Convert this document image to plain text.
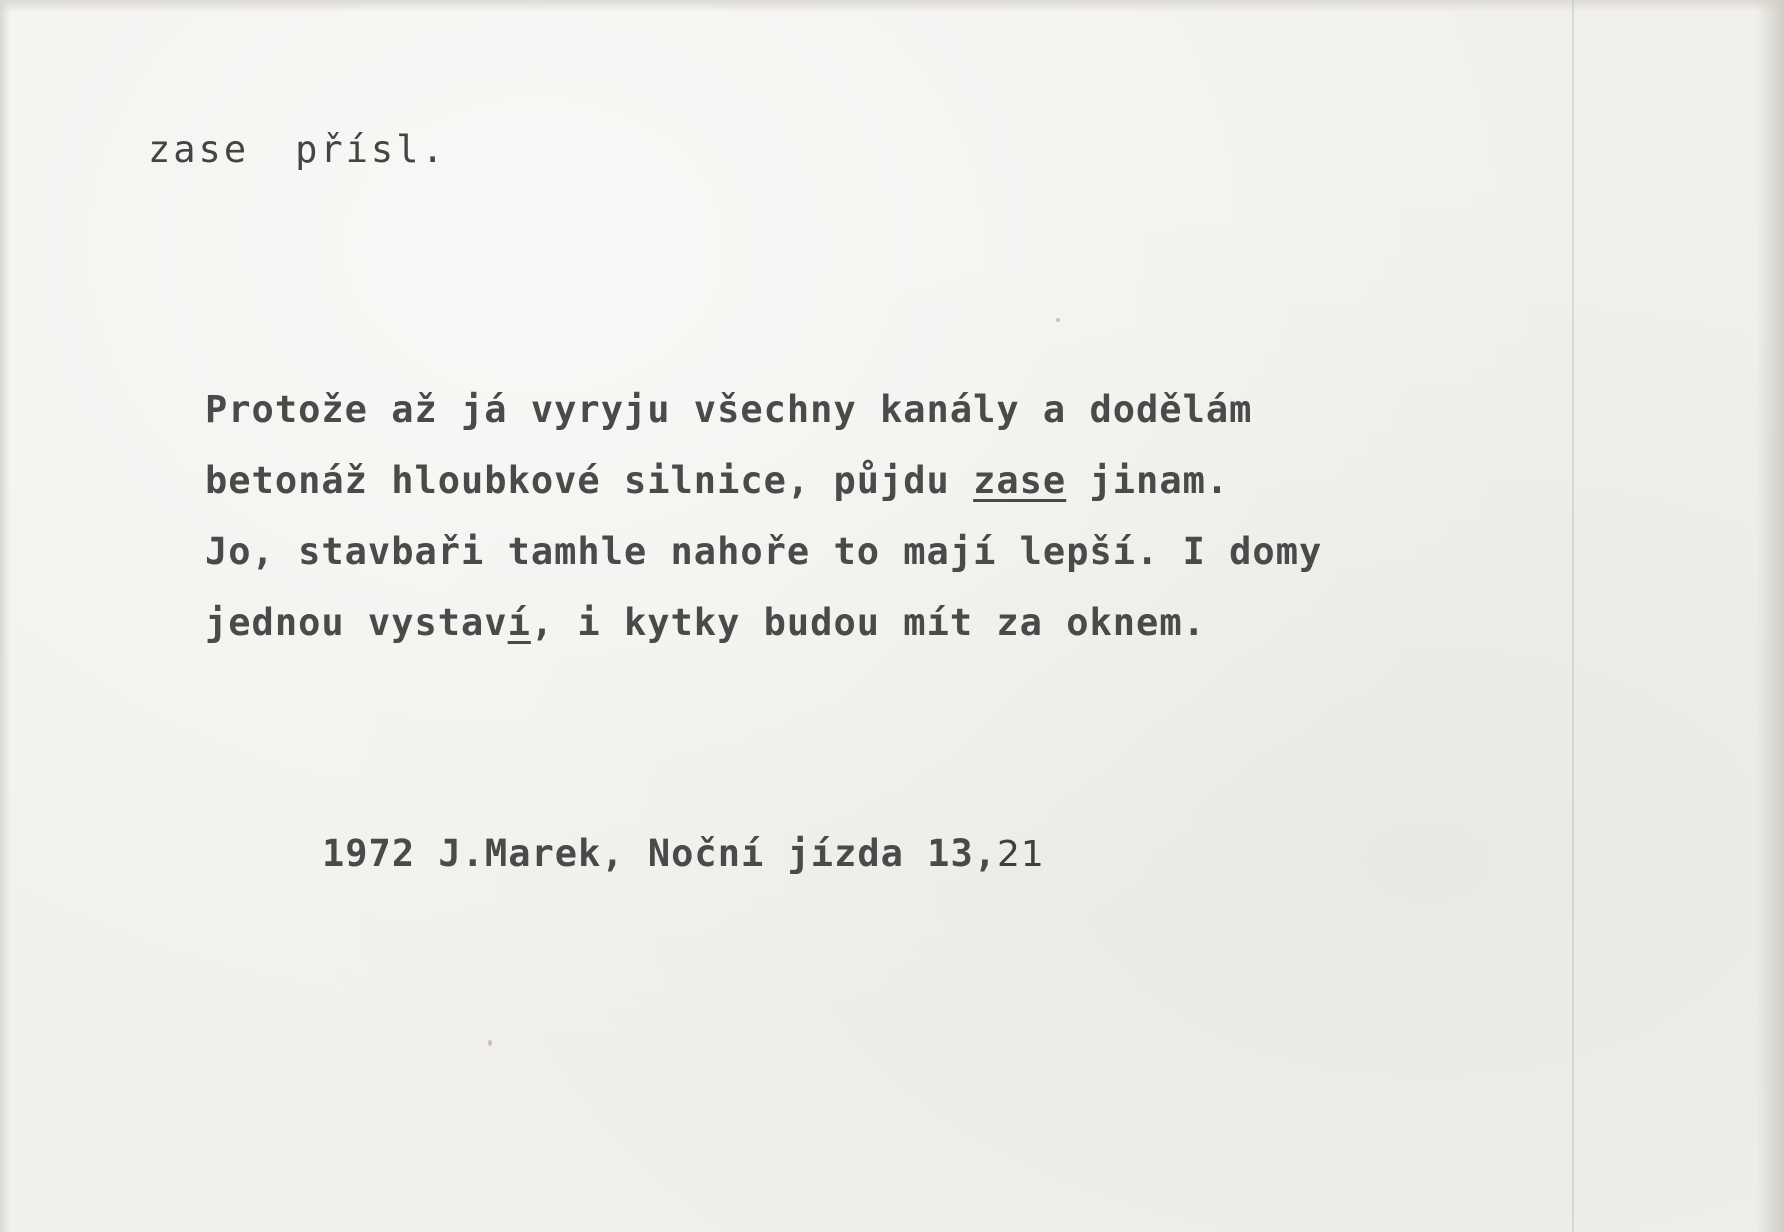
zase přísl.
Protože až já vyryju všechny kanály a dodělám
betonáž hloubkové silnice, půjdu zase jinam.
Jo, stavbaři tamhle nahoře to mají lepší. I domy
jednou vystaví, i kytky budou mít za oknem.
1972 J.Marek, Noční jízda 13,21
